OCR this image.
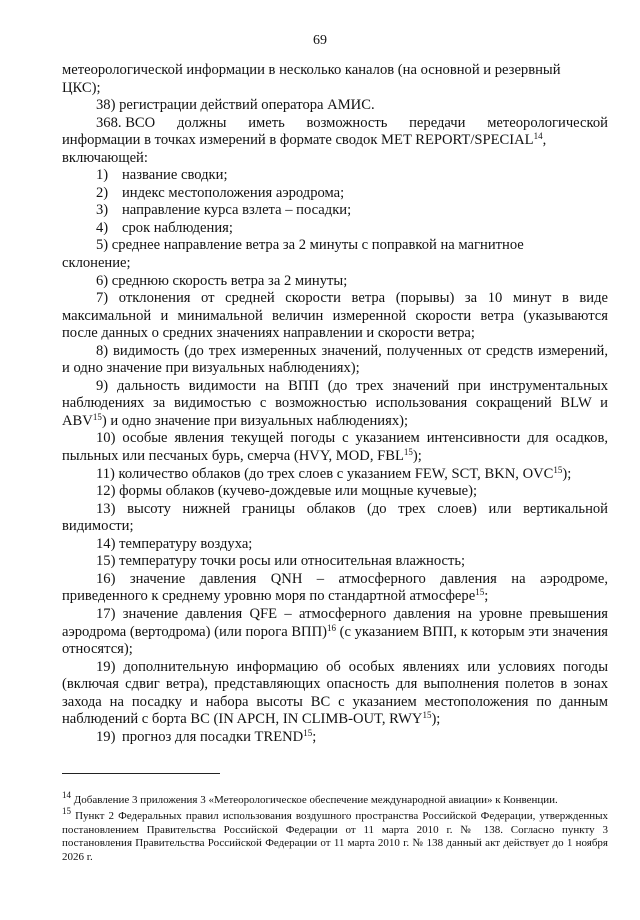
69

метеорологической информации в несколько каналов (на основной и резервный

ЦКС);

38) регистрации действий оператора АМИС.

368. ВСО должны иметь возможность передачи метеорологической

информации в точках измерений в формате сводок MET REPORT/SPECIAL$^{14}$,

включающей:

1) название сводки;
2) индекс местоположения аэродрома;
3) направление курса взлета – посадки;
4) срок наблюдения;

5) среднее направление ветра за 2 минуты с поправкой на магнитное

склонение;

6) среднюю скорость ветра за 2 минуты;

7) отклонения от средней скорости ветра (порывы) за 10 минут в виде максимальной и минимальной величин измеренной скорости ветра (указываются после данных о средних значениях направлении и скорости ветра;

8) видимость (до трех измеренных значений, полученных от средств измерений, и одно значение при визуальных наблюдениях);

9) дальность видимости на ВПП (до трех значений при инструментальных наблюдениях за видимостью с возможностью использования сокращений BLW и ABV$^{15}$) и одно значение при визуальных наблюдениях);

10) особые явления текущей погоды с указанием интенсивности для осадков, пыльных или песчаных бурь, смерча (HVY, MOD, FBL$^{15}$);

11) количество облаков (до трех слоев с указанием FEW, SCT, BKN, OVC$^{15}$);

12) формы облаков (кучево-дождевые или мощные кучевые);

13) высоту нижней границы облаков (до трех слоев) или вертикальной видимости;

14) температуру воздуха;

15) температуру точки росы или относительная влажность;

16) значение давления QNH – атмосферного давления на аэродроме, приведенного к среднему уровню моря по стандартной атмосфере$^{15}$;

17) значение давления QFE – атмосферного давления на уровне превышения аэродрома (вертодрома) (или порога ВПП)$^{16}$ (с указанием ВПП, к которым эти значения относятся);

19) дополнительную информацию об особых явлениях или условиях погоды (включая сдвиг ветра), представляющих опасность для выполнения полетов в зонах захода на посадку и набора высоты ВС с указанием местоположения по данным наблюдений с борта ВС (IN APCH, IN CLIMB-OUT, RWY$^{15}$);

19) прогноз для посадки TREND$^{15}$;

$^{14}$ Добавление 3 приложения 3 «Метеорологическое обеспечение международной авиации» к Конвенции.

$^{15}$ Пункт 2 Федеральных правил использования воздушного пространства Российской Федерации, утвержденных постановлением Правительства Российской Федерации от 11 марта 2010 г. № 138. Согласно пункту 3 постановления Правительства Российской Федерации от 11 марта 2010 г. № 138 данный акт действует до 1 ноября 2026 г.
